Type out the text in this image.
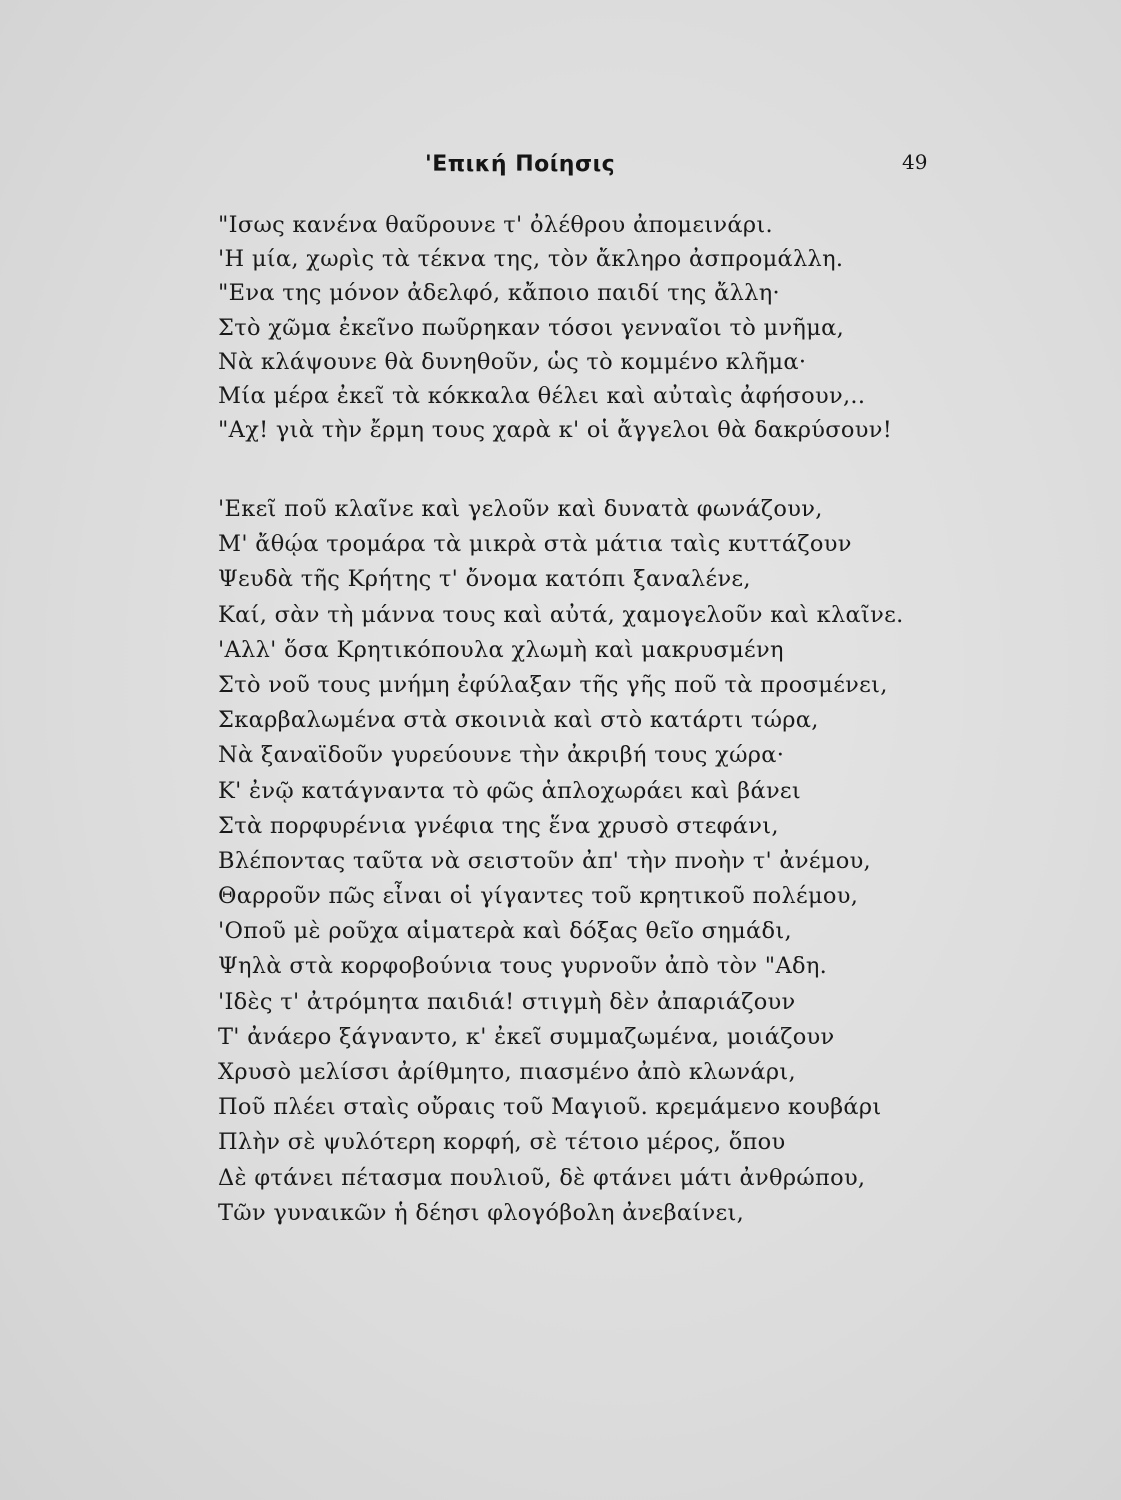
'Επική Ποίησις	49
"Ισως κανένα θαῦρουνε τ' ὀλέθρου ἀπομεινάρι.
'Η μία, χωρὶς τὰ τέκνα της, τὸν ἄκληρο ἀσπρομάλλη.
"Ενα της μόνον ἀδελφό, κἄποιο παιδί της ἄλλη·
Στὸ χῶμα ἐκεῖνο πωῦρηκαν τόσοι γενναῖοι τὸ μνῆμα,
Νὰ κλάψουνε θὰ δυνηθοῦν, ὡς τὸ κομμένο κλῆμα·
Μία μέρα ἐκεῖ τὰ κόκκαλα θέλει καὶ αὐταὶς ἀφήσουν,..
"Αχ! γιὰ τὴν ἔρμη τους χαρὰ κ' οἱ ἄγγελοι θὰ δακρύσουν!
'Εκεῖ ποῦ κλαῖνε καὶ γελοῦν καὶ δυνατὰ φωνάζουν,
Μ' ἄθῴα τρομάρα τὰ μικρὰ στὰ μάτια ταὶς κυττάζουν
Ψευδὰ τῆς Κρήτης τ' ὄνομα κατόπι ξαναλένε,
Καί, σὰν τὴ μάννα τους καὶ αὐτά, χαμογελοῦν καὶ κλαῖνε.
'Αλλ' ὅσα Κρητικόπουλα χλωμὴ καὶ μακρυσμένη
Στὸ νοῦ τους μνήμη ἐφύλαξαν τῆς γῆς ποῦ τὰ προσμένει,
Σκαρβαλωμένα στὰ σκοινιὰ καὶ στὸ κατάρτι τώρα,
Νὰ ξαναϊδοῦν γυρεύουνε τὴν ἀκριβή τους χώρα·
Κ' ἐνῷ κατάγναντα τὸ φῶς ἁπλοχωράει καὶ βάνει
Στὰ πορφυρένια γνέφια της ἕνα χρυσὸ στεφάνι,
Βλέποντας ταῦτα νὰ σειστοῦν ἀπ' τὴν πνοὴν τ' ἀνέμου,
Θαρροῦν πῶς εἶναι οἱ γίγαντες τοῦ κρητικοῦ πολέμου,
'Οποῦ μὲ ροῦχα αἱματερὰ καὶ δόξας θεῖο σημάδι,
Ψηλὰ στὰ κορφοβούνια τους γυρνοῦν ἀπὸ τὸν "Αδη.
'Ιδὲς τ' ἀτρόμητα παιδιά! στιγμὴ δὲν ἀπαριάζουν
Τ' ἀνάερο ξάγναντο, κ' ἐκεῖ συμμαζωμένα, μοιάζουν
Χρυσὸ μελίσσι ἀρίθμητο, πιασμένο ἀπὸ κλωνάρι,
Ποῦ πλέει σταὶς οὔραις τοῦ Μαγιοῦ. κρεμάμενο κουβάρι
Πλὴν σὲ ψυλότερη κορφή, σὲ τέτοιο μέρος, ὅπου
Δὲ φτάνει πέτασμα πουλιοῦ, δὲ φτάνει μάτι ἀνθρώπου,
Τῶν γυναικῶν ἡ δέησι φλογόβολη ἀνεβαίνει,
